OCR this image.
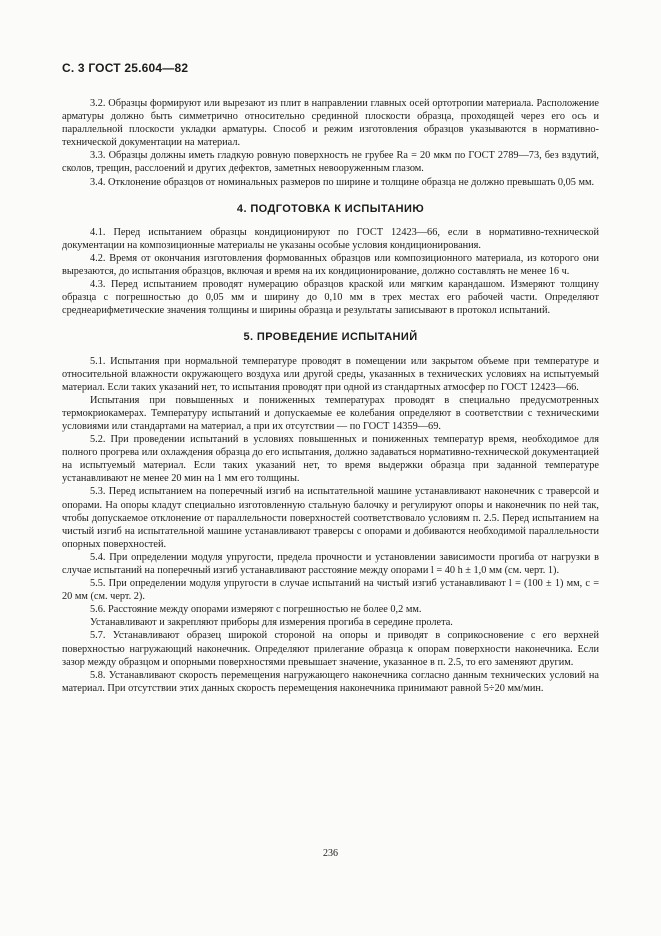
С. 3 ГОСТ 25.604—82

3.2. Образцы формируют или вырезают из плит в направлении главных осей ортотропии материала. Расположение арматуры должно быть симметрично относительно срединной плоскости образца, проходящей через его ось и параллельной плоскости укладки арматуры. Способ и режим изготовления образцов указываются в нормативно-технической документации на материал.

3.3. Образцы должны иметь гладкую ровную поверхность не грубее Ra = 20 мкм по ГОСТ 2789—73, без вздутий, сколов, трещин, расслоений и других дефектов, заметных невооруженным глазом.

3.4. Отклонение образцов от номинальных размеров по ширине и толщине образца не должно превышать 0,05 мм.

4. ПОДГОТОВКА К ИСПЫТАНИЮ

4.1. Перед испытанием образцы кондиционируют по ГОСТ 12423—66, если в нормативно-технической документации на композиционные материалы не указаны особые условия кондиционирования.

4.2. Время от окончания изготовления формованных образцов или композиционного материала, из которого они вырезаются, до испытания образцов, включая и время на их кондиционирование, должно составлять не менее 16 ч.

4.3. Перед испытанием проводят нумерацию образцов краской или мягким карандашом. Измеряют толщину образца с погрешностью до 0,05 мм и ширину до 0,10 мм в трех местах его рабочей части. Определяют среднеарифметические значения толщины и ширины образца и результаты записывают в протокол испытаний.

5. ПРОВЕДЕНИЕ ИСПЫТАНИЙ

5.1. Испытания при нормальной температуре проводят в помещении или закрытом объеме при температуре и относительной влажности окружающего воздуха или другой среды, указанных в технических условиях на испытуемый материал. Если таких указаний нет, то испытания проводят при одной из стандартных атмосфер по ГОСТ 12423—66.

Испытания при повышенных и пониженных температурах проводят в специально предусмотренных термокриокамерах. Температуру испытаний и допускаемые ее колебания определяют в соответствии с техническими условиями или стандартами на материал, а при их отсутствии — по ГОСТ 14359—69.

5.2. При проведении испытаний в условиях повышенных и пониженных температур время, необходимое для полного прогрева или охлаждения образца до его испытания, должно задаваться нормативно-технической документацией на испытуемый материал. Если таких указаний нет, то время выдержки образца при заданной температуре устанавливают не менее 20 мин на 1 мм его толщины.

5.3. Перед испытанием на поперечный изгиб на испытательной машине устанавливают наконечник с траверсой и опорами. На опоры кладут специально изготовленную стальную балочку и регулируют опоры и наконечник по ней так, чтобы допускаемое отклонение от параллельности поверхностей соответствовало условиям п. 2.5. Перед испытанием на чистый изгиб на испытательной машине устанавливают траверсы с опорами и добиваются необходимой параллельности опорных поверхностей.

5.4. При определении модуля упругости, предела прочности и установлении зависимости прогиба от нагрузки в случае испытаний на поперечный изгиб устанавливают расстояние между опорами l = 40 h ± 1,0 мм (см. черт. 1).

5.5. При определении модуля упругости в случае испытаний на чистый изгиб устанавливают l = (100 ± 1) мм, c = 20 мм (см. черт. 2).

5.6. Расстояние между опорами измеряют с погрешностью не более 0,2 мм.

Устанавливают и закрепляют приборы для измерения прогиба в середине пролета.

5.7. Устанавливают образец широкой стороной на опоры и приводят в соприкосновение с его верхней поверхностью нагружающий наконечник. Определяют прилегание образца к опорам поверхности наконечника. Если зазор между образцом и опорными поверхностями превышает значение, указанное в п. 2.5, то его заменяют другим.

5.8. Устанавливают скорость перемещения нагружающего наконечника согласно данным технических условий на материал. При отсутствии этих данных скорость перемещения наконечника принимают равной 5÷20 мм/мин.

236
